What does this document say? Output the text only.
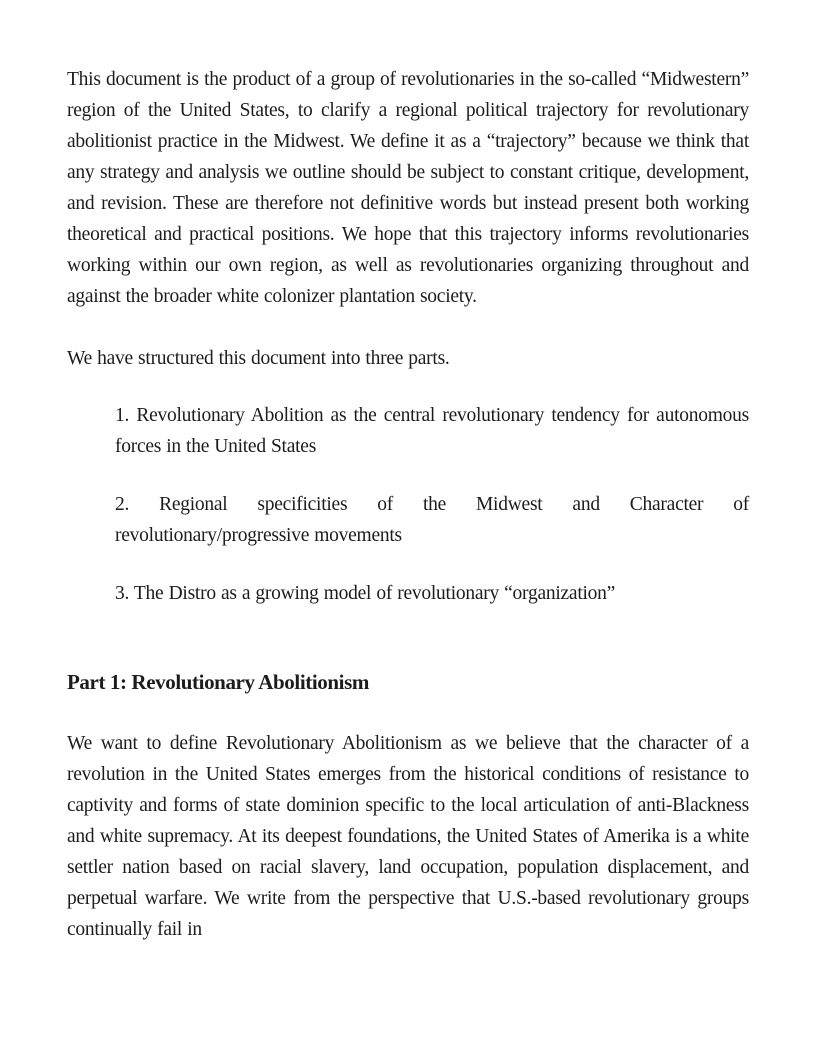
This document is the product of a group of revolutionaries in the so-called “Midwestern” region of the United States, to clarify a regional political trajectory for revolutionary abolitionist practice in the Midwest. We define it as a “trajectory” because we think that any strategy and analysis we outline should be subject to constant critique, development, and revision. These are therefore not definitive words but instead present both working theoretical and practical positions. We hope that this trajectory informs revolutionaries working within our own region, as well as revolutionaries organizing throughout and against the broader white colonizer plantation society.

We have structured this document into three parts.

1. Revolutionary Abolition as the central revolutionary tendency for autonomous forces in the United States
2. Regional specificities of the Midwest and Character of revolutionary/progressive movements
3. The Distro as a growing model of revolutionary “organization”
Part 1: Revolutionary Abolitionism

We want to define Revolutionary Abolitionism as we believe that the character of a revolution in the United States emerges from the historical conditions of resistance to captivity and forms of state dominion specific to the local articulation of anti-Blackness and white supremacy. At its deepest foundations, the United States of Amerika is a white settler nation based on racial slavery, land occupation, population displacement, and perpetual warfare. We write from the perspective that U.S.-based revolutionary groups continually fail in
